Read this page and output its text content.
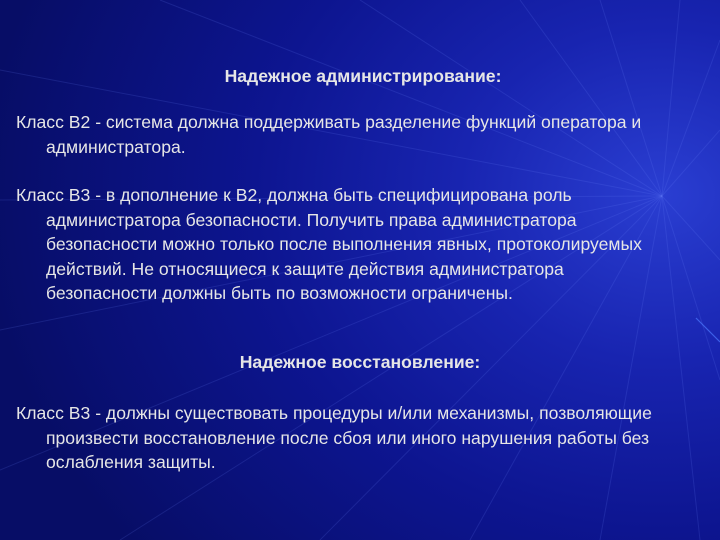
Надежное администрирование:

Класс В2 - система должна поддерживать разделение функций оператора и администратора.

Класс В3 - в дополнение к В2, должна быть специфицирована роль администратора безопасности. Получить права администратора безопасности можно только после выполнения явных, протоколируемых действий. Не относящиеся к защите действия администратора безопасности должны быть по возможности ограничены.

Надежное восстановление:

Класс В3 - должны существовать процедуры и/или механизмы, позволяющие произвести восстановление после сбоя или иного нарушения работы без ослабления защиты.
